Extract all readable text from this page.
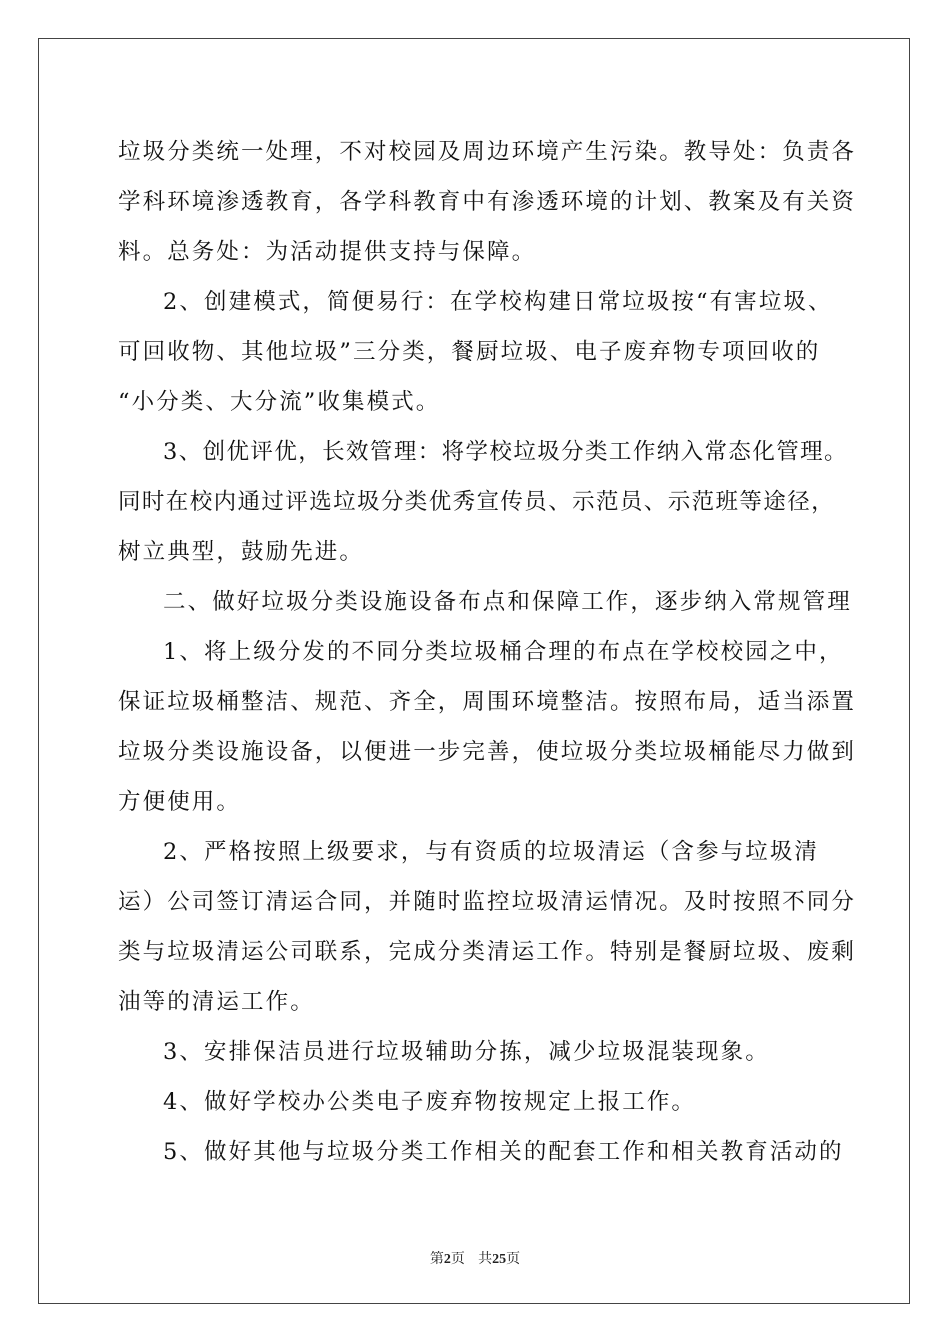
垃圾分类统一处理，不对校园及周边环境产生污染。教导处：负责各
学科环境渗透教育，各学科教育中有渗透环境的计划、教案及有关资
料。总务处：为活动提供支持与保障。
2、创建模式，简便易行：在学校构建日常垃圾按“有害垃圾、
可回收物、其他垃圾”三分类，餐厨垃圾、电子废弃物专项回收的
“小分类、大分流”收集模式。
3、创优评优，长效管理：将学校垃圾分类工作纳入常态化管理。
同时在校内通过评选垃圾分类优秀宣传员、示范员、示范班等途径，
树立典型，鼓励先进。
二、做好垃圾分类设施设备布点和保障工作，逐步纳入常规管理
1、将上级分发的不同分类垃圾桶合理的布点在学校校园之中，
保证垃圾桶整洁、规范、齐全，周围环境整洁。按照布局，适当添置
垃圾分类设施设备，以便进一步完善，使垃圾分类垃圾桶能尽力做到
方便使用。
2、严格按照上级要求，与有资质的垃圾清运（含参与垃圾清
运）公司签订清运合同，并随时监控垃圾清运情况。及时按照不同分
类与垃圾清运公司联系，完成分类清运工作。特别是餐厨垃圾、废剩
油等的清运工作。
3、安排保洁员进行垃圾辅助分拣，减少垃圾混装现象。
4、做好学校办公类电子废弃物按规定上报工作。
5、做好其他与垃圾分类工作相关的配套工作和相关教育活动的
第2页 共25页
